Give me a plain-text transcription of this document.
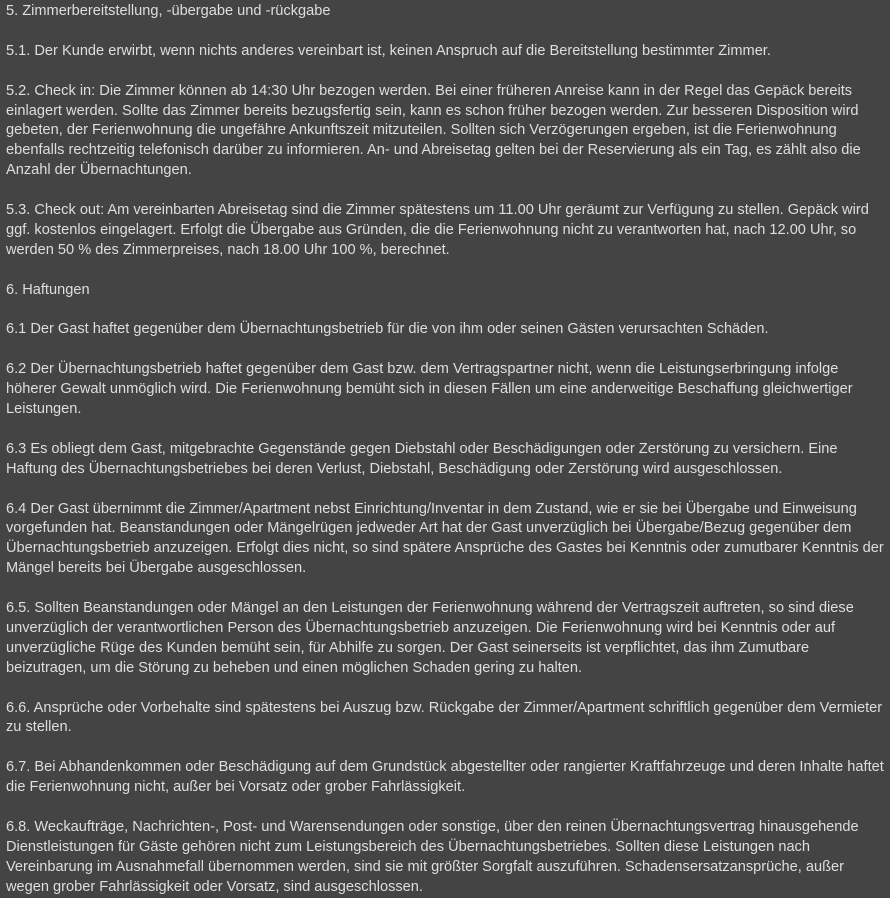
5. Zimmerbereitstellung, -übergabe und -rückgabe

5.1. Der Kunde erwirbt, wenn nichts anderes vereinbart ist, keinen Anspruch auf die Bereitstellung bestimmter Zimmer.

5.2. Check in: Die Zimmer können ab 14:30 Uhr bezogen werden. Bei einer früheren Anreise kann in der Regel das Gepäck bereits einlagert werden. Sollte das Zimmer bereits bezugsfertig sein, kann es schon früher bezogen werden. Zur besseren Disposition wird gebeten, der Ferienwohnung die ungefähre Ankunftszeit mitzuteilen. Sollten sich Verzögerungen ergeben, ist die Ferienwohnung ebenfalls rechtzeitig telefonisch darüber zu informieren. An- und Abreisetag gelten bei der Reservierung als ein Tag, es zählt also die Anzahl der Übernachtungen.

5.3. Check out: Am vereinbarten Abreisetag sind die Zimmer spätestens um 11.00 Uhr geräumt zur Verfügung zu stellen. Gepäck wird ggf. kostenlos eingelagert. Erfolgt die Übergabe aus Gründen, die die Ferienwohnung nicht zu verantworten hat, nach 12.00 Uhr, so werden 50 % des Zimmerpreises, nach 18.00 Uhr 100 %, berechnet.

6. Haftungen

6.1 Der Gast haftet gegenüber dem Übernachtungsbetrieb für die von ihm oder seinen Gästen verursachten Schäden.

6.2 Der Übernachtungsbetrieb haftet gegenüber dem Gast bzw. dem Vertragspartner nicht, wenn die Leistungserbringung infolge höherer Gewalt unmöglich wird. Die Ferienwohnung bemüht sich in diesen Fällen um eine anderweitige Beschaffung gleichwertiger Leistungen.

6.3 Es obliegt dem Gast, mitgebrachte Gegenstände gegen Diebstahl oder Beschädigungen oder Zerstörung zu versichern. Eine Haftung des Übernachtungsbetriebes bei deren Verlust, Diebstahl, Beschädigung oder Zerstörung wird ausgeschlossen.

6.4 Der Gast übernimmt die Zimmer/Apartment nebst Einrichtung/Inventar in dem Zustand, wie er sie bei Übergabe und Einweisung vorgefunden hat. Beanstandungen oder Mängelrügen jedweder Art hat der Gast unverzüglich bei Übergabe/Bezug gegenüber dem Übernachtungsbetrieb anzuzeigen. Erfolgt dies nicht, so sind spätere Ansprüche des Gastes bei Kenntnis oder zumutbarer Kenntnis der Mängel bereits bei Übergabe ausgeschlossen.

6.5. Sollten Beanstandungen oder Mängel an den Leistungen der Ferienwohnung während der Vertragszeit auftreten, so sind diese unverzüglich der verantwortlichen Person des Übernachtungsbetrieb anzuzeigen. Die Ferienwohnung wird bei Kenntnis oder auf unverzügliche Rüge des Kunden bemüht sein, für Abhilfe zu sorgen. Der Gast seinerseits ist verpflichtet, das ihm Zumutbare beizutragen, um die Störung zu beheben und einen möglichen Schaden gering zu halten.

6.6. Ansprüche oder Vorbehalte sind spätestens bei Auszug bzw. Rückgabe der Zimmer/Apartment schriftlich gegenüber dem Vermieter zu stellen.

6.7. Bei Abhandenkommen oder Beschädigung auf dem Grundstück abgestellter oder rangierter Kraftfahrzeuge und deren Inhalte haftet die Ferienwohnung nicht, außer bei Vorsatz oder grober Fahrlässigkeit.

6.8. Weckaufträge, Nachrichten-, Post- und Warensendungen oder sonstige, über den reinen Übernachtungsvertrag hinausgehende Dienstleistungen für Gäste gehören nicht zum Leistungsbereich des Übernachtungsbetriebes. Sollten diese Leistungen nach Vereinbarung im Ausnahmefall übernommen werden, sind sie mit größter Sorgfalt auszuführen. Schadensersatzansprüche, außer wegen grober Fahrlässigkeit oder Vorsatz, sind ausgeschlossen.
